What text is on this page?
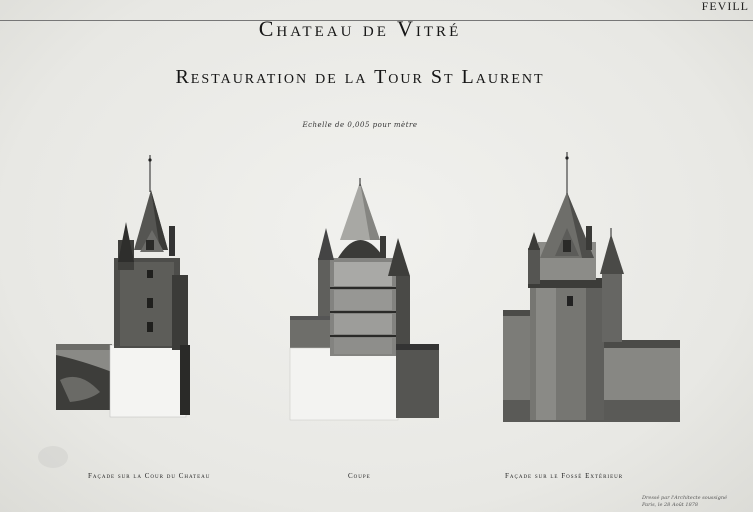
FEVILL
Chateau de Vitré
Restauration de la Tour St Laurent
Echelle de 0,005 pour mètre
Façade sur la Cour du Chateau	Coupe	Façade sur le Fossé Extérieur
Dressé par l'Architecte soussigné
Paris, le 28 Août 1878
